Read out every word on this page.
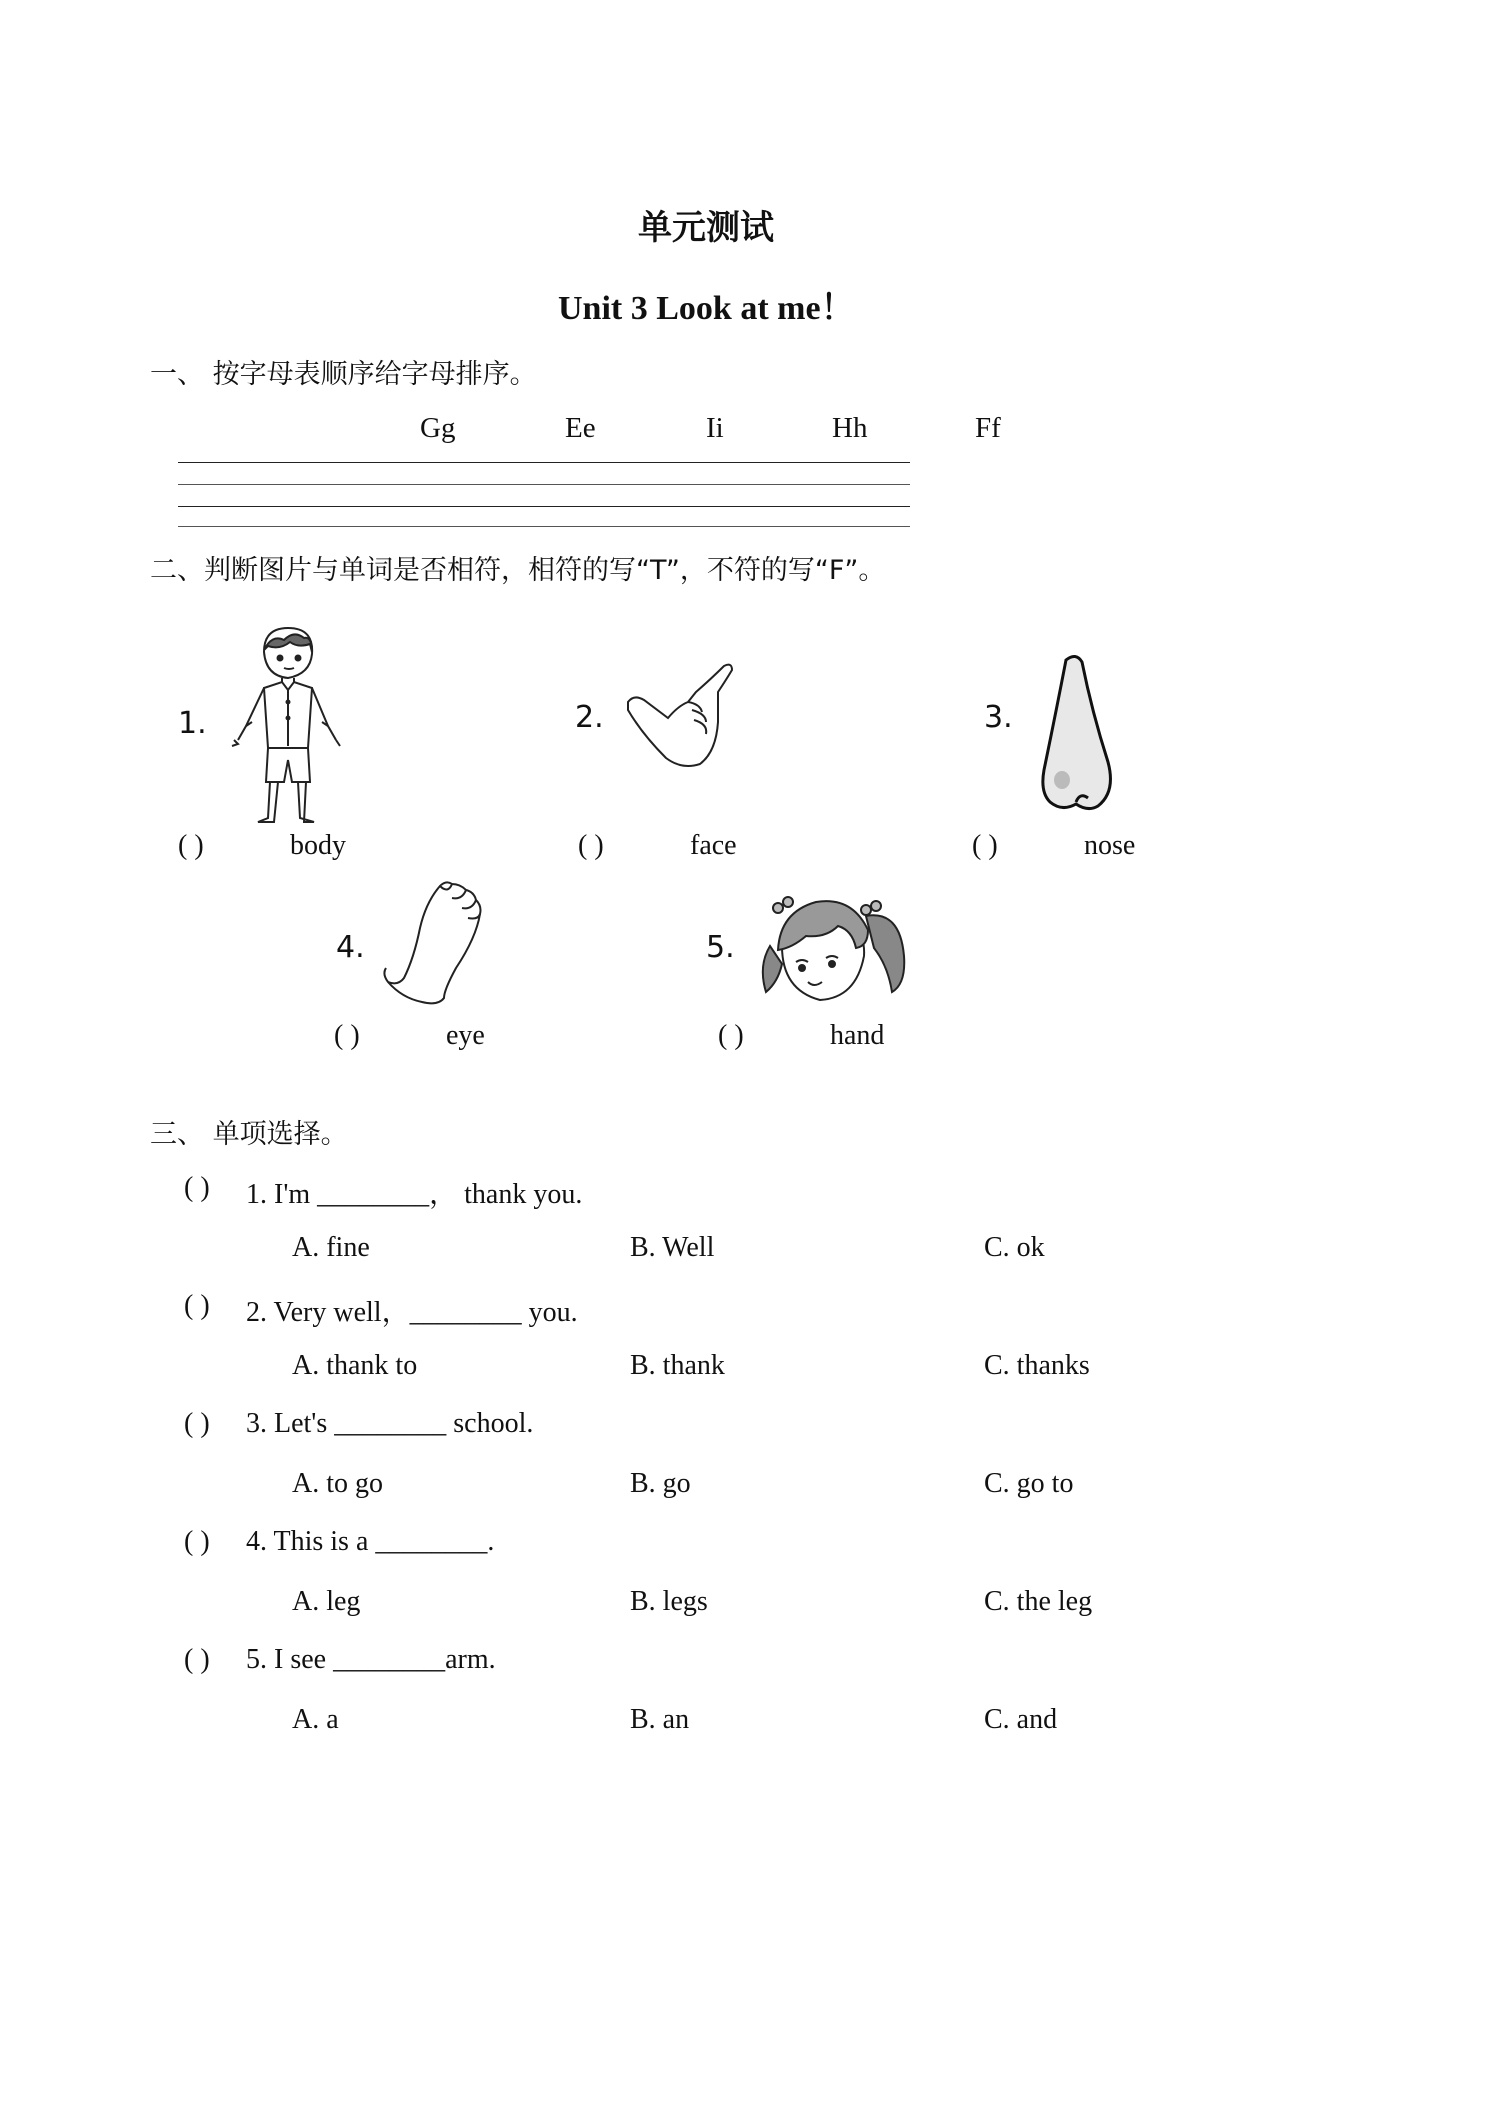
单元测试
Unit 3 Look at me！
一、 按字母表顺序给字母排序。
Gg	Ee	Ii	Hh	Ff
二、判断图片与单词是否相符，相符的写“T”，不符的写“F”。
1.
( )	body
2.
( )	face
3.
( )	nose
4.
( )	eye
5.
( )	hand
三、 单项选择。
( ) 1. I'm ________， thank you.
A. fine	B. Well	C. ok
( ) 2. Very well，________ you.
A. thank to	B. thank	C. thanks
( ) 3. Let's ________ school.
A. to go	B. go	C. go to
( ) 4. This is a ________.
A. leg	B. legs	C. the leg
( ) 5. I see ________arm.
A. a	B. an	C. and
